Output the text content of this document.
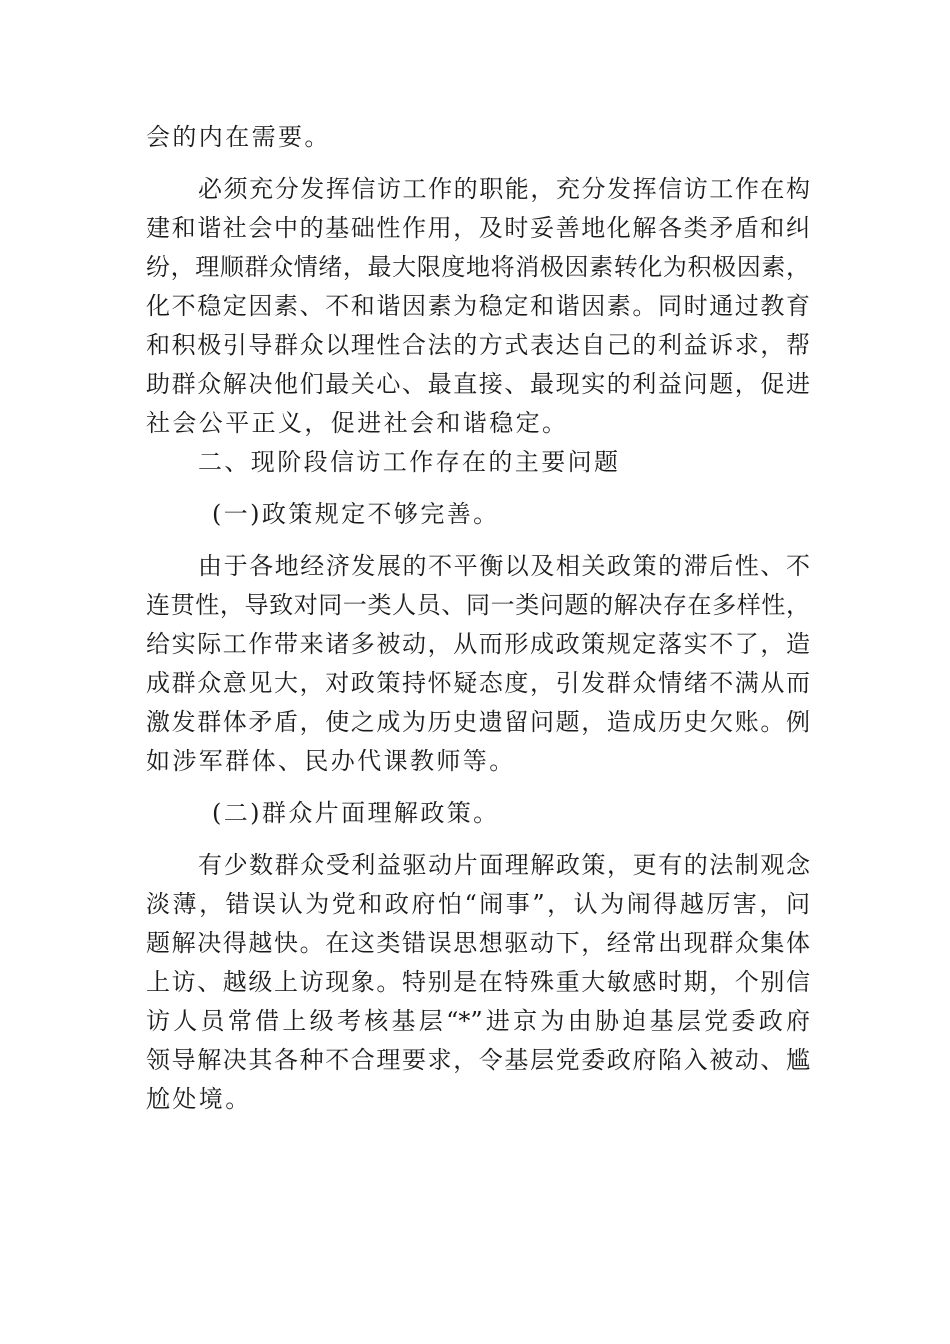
会的内在需要。
必须充分发挥信访工作的职能，充分发挥信访工作在构
建和谐社会中的基础性作用，及时妥善地化解各类矛盾和纠
纷，理顺群众情绪，最大限度地将消极因素转化为积极因素，
化不稳定因素、不和谐因素为稳定和谐因素。同时通过教育
和积极引导群众以理性合法的方式表达自己的利益诉求，帮
助群众解决他们最关心、最直接、最现实的利益问题，促进
社会公平正义，促进社会和谐稳定。
二、现阶段信访工作存在的主要问题
(一)政策规定不够完善。
由于各地经济发展的不平衡以及相关政策的滞后性、不
连贯性，导致对同一类人员、同一类问题的解决存在多样性，
给实际工作带来诸多被动，从而形成政策规定落实不了，造
成群众意见大，对政策持怀疑态度，引发群众情绪不满从而
激发群体矛盾，使之成为历史遗留问题，造成历史欠账。例
如涉军群体、民办代课教师等。
(二)群众片面理解政策。
有少数群众受利益驱动片面理解政策，更有的法制观念
淡薄，错误认为党和政府怕“闹事”，认为闹得越厉害，问
题解决得越快。在这类错误思想驱动下，经常出现群众集体
上访、越级上访现象。特别是在特殊重大敏感时期，个别信
访人员常借上级考核基层“*”进京为由胁迫基层党委政府
领导解决其各种不合理要求，令基层党委政府陷入被动、尴
尬处境。
